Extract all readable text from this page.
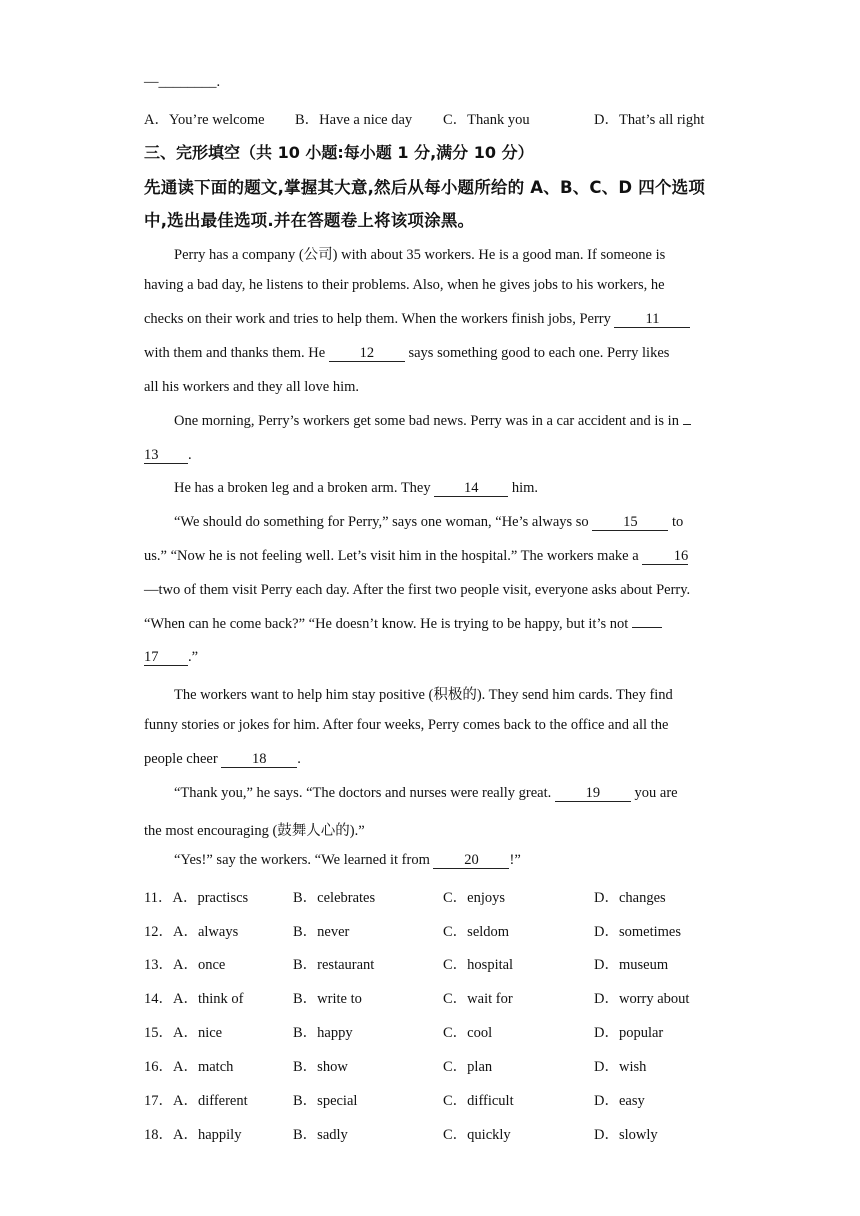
—________.
A．You’re welcome B．Have a nice day C．Thank you	D．That’s all right
三、完形填空（共 10 小题:每小题 1 分,满分 10 分）
先通读下面的题文,掌握其大意,然后从每小题所给的 A、B、C、D 四个选项
中,选出最佳选项.并在答题卷上将该项涂黑。
Perry has a company (公司) with about 35 workers. He is a good man. If someone is
having a bad day, he listens to their problems. Also, when he gives jobs to his workers, he
checks on their work and tries to help them. When the workers finish jobs, Perry 11
with them and thanks them. He 12 says something good to each one. Perry likes
all his workers and they all love him.
One morning, Perry’s workers get some bad news. Perry was in a car accident and is in
13 .
He has a broken leg and a broken arm. They 14 him.
“We should do something for Perry,” says one woman, “He’s always so 15 to
us.” “Now he is not feeling well. Let’s visit him in the hospital.” The workers make a 16
—two of them visit Perry each day. After the first two people visit, everyone asks about Perry.
“When can he come back?” “He doesn’t know. He is trying to be happy, but it’s not
17 .”
The workers want to help him stay positive (积极的). They send him cards. They find
funny stories or jokes for him. After four weeks, Perry comes back to the office and all the
people cheer 18 .
“Thank you,” he says. “The doctors and nurses were really great. 19 you are
the most encouraging (鼓舞人心的).”
“Yes!” say the workers. “We learned it from 20 !”
11．A．practiscs	B．celebrates	C．enjoys	D．changes
12．A．always	B．never	C．seldom	D．sometimes
13．A．once	B．restaurant	C．hospital	D．museum
14．A．think of	B．write to	C．wait for	D．worry about
15．A．nice	B．happy	C．cool	D．popular
16．A．match	B．show	C．plan	D．wish
17．A．different	B．special	C．difficult	D．easy
18．A．happily	B．sadly	C．quickly	D．slowly
